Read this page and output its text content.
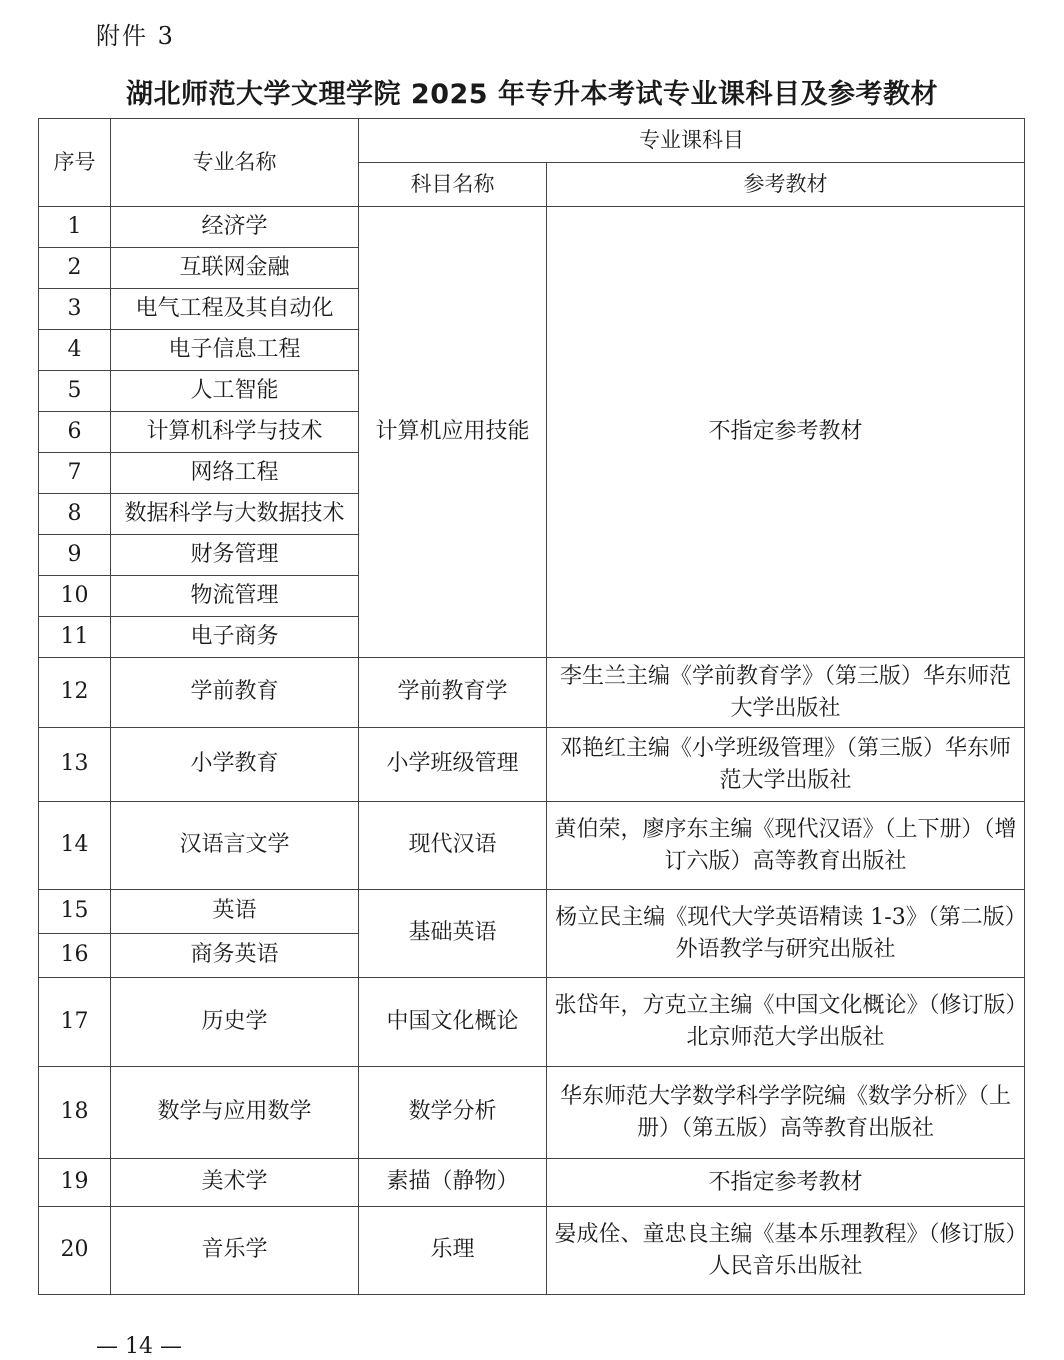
附件 3
湖北师范大学文理学院 2025 年专升本考试专业课科目及参考教材
序号	专业名称	专业课科目	
		科目名称	参考教材
1	经济学	计算机应用技能	不指定参考教材
2	互联网金融		
3	电气工程及其自动化		
4	电子信息工程		
5	人工智能		
6	计算机科学与技术		
7	网络工程		
8	数据科学与大数据技术		
9	财务管理		
10	物流管理		
11	电子商务		
12	学前教育	学前教育学	李生兰主编《学前教育学》（第三版）华东师范大学出版社
13	小学教育	小学班级管理	邓艳红主编《小学班级管理》（第三版）华东师范大学出版社
14	汉语言文学	现代汉语	黄伯荣，廖序东主编《现代汉语》（上下册）（增订六版）高等教育出版社
15	英语	基础英语	杨立民主编《现代大学英语精读 1-3》（第二版）外语教学与研究出版社
16	商务英语		
17	历史学	中国文化概论	张岱年，方克立主编《中国文化概论》（修订版）北京师范大学出版社
18	数学与应用数学	数学分析	华东师范大学数学科学学院编《数学分析》（上册）（第五版）高等教育出版社
19	美术学	素描（静物）	不指定参考教材
20	音乐学	乐理	晏成佺、童忠良主编《基本乐理教程》（修订版）人民音乐出版社
— 14 —
